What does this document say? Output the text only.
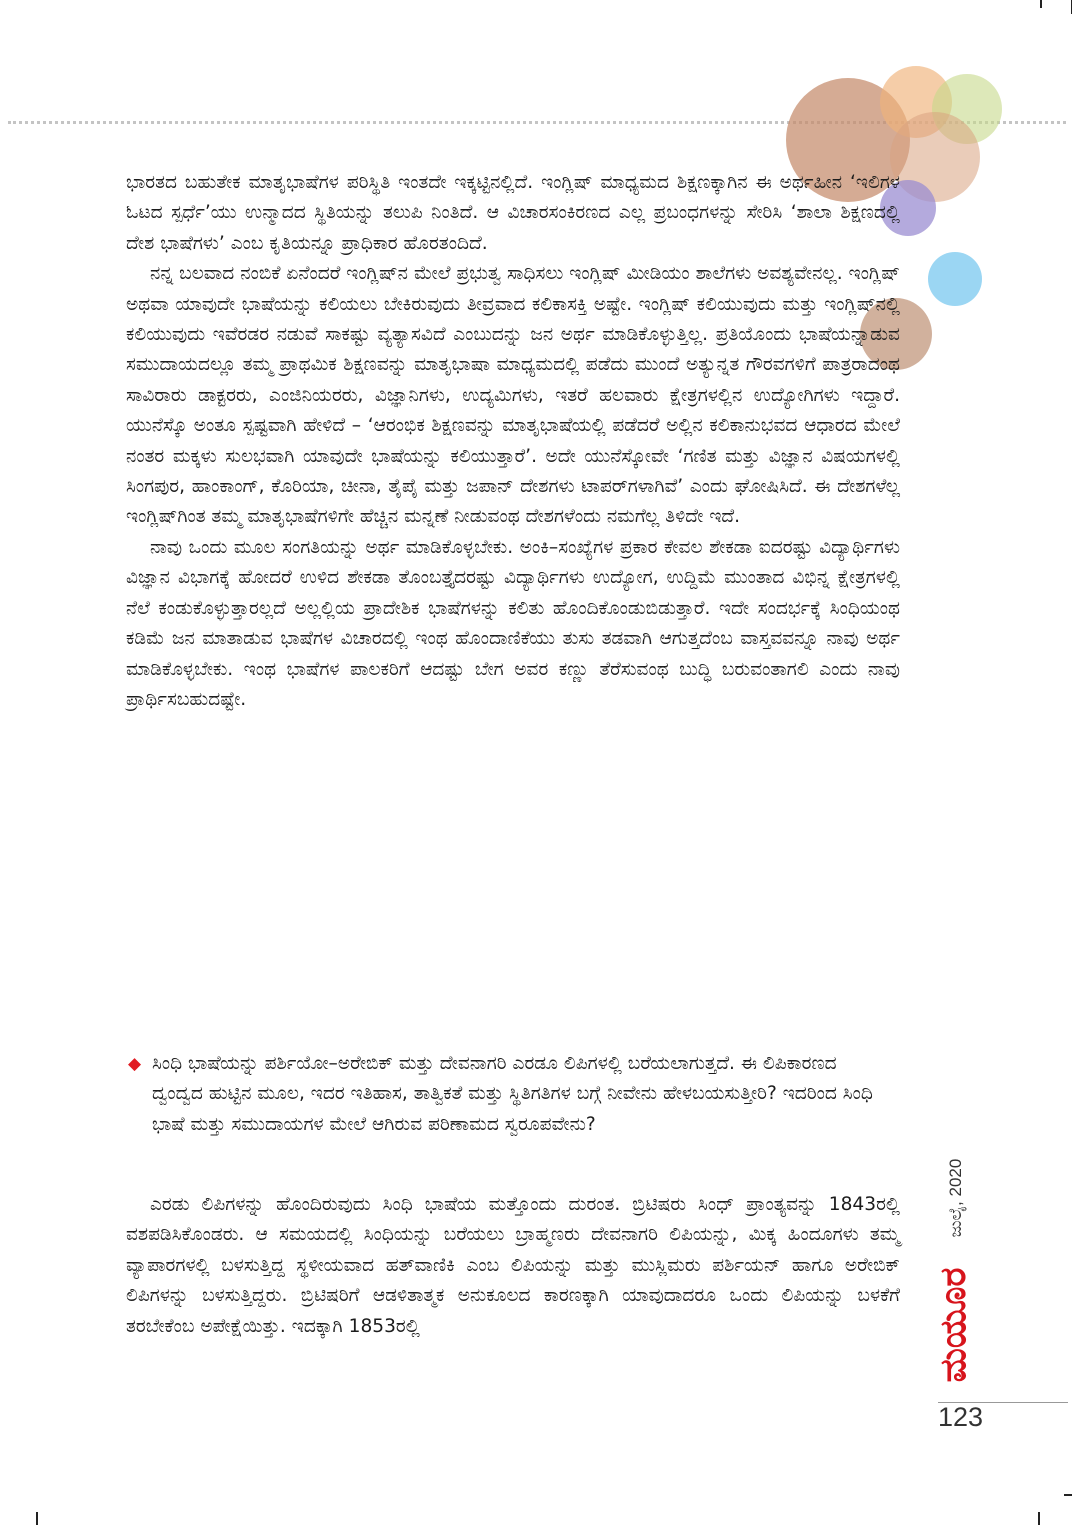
ಭಾರತದ ಬಹುತೇಕ ಮಾತೃಭಾಷೆಗಳ ಪರಿಸ್ಥಿತಿ ಇಂತದೇ ಇಕ್ಕಟ್ಟಿನಲ್ಲಿದೆ. ಇಂಗ್ಲಿಷ್ ಮಾಧ್ಯಮದ ಶಿಕ್ಷಣಕ್ಕಾಗಿನ ಈ ಅರ್ಥಹೀನ ‘ಇಲಿಗಳ ಓಟದ ಸ್ಪರ್ಧೆ’ಯು ಉನ್ಮಾದದ ಸ್ಥಿತಿಯನ್ನು ತಲುಪಿ ನಿಂತಿದೆ. ಆ ವಿಚಾರಸಂಕಿರಣದ ಎಲ್ಲ ಪ್ರಬಂಧಗಳನ್ನು ಸೇರಿಸಿ ‘ಶಾಲಾ ಶಿಕ್ಷಣದಲ್ಲಿ ದೇಶ ಭಾಷೆಗಳು’ ಎಂಬ ಕೃತಿಯನ್ನೂ ಪ್ರಾಧಿಕಾರ ಹೊರತಂದಿದೆ.

ನನ್ನ ಬಲವಾದ ನಂಬಿಕೆ ಏನೆಂದರೆ ಇಂಗ್ಲಿಷ್‌ನ ಮೇಲೆ ಪ್ರಭುತ್ವ ಸಾಧಿಸಲು ಇಂಗ್ಲಿಷ್ ಮೀಡಿಯಂ ಶಾಲೆಗಳು ಅವಶ್ಯವೇನಲ್ಲ. ಇಂಗ್ಲಿಷ್ ಅಥವಾ ಯಾವುದೇ ಭಾಷೆಯನ್ನು ಕಲಿಯಲು ಬೇಕಿರುವುದು ತೀವ್ರವಾದ ಕಲಿಕಾಸಕ್ತಿ ಅಷ್ಟೇ. ಇಂಗ್ಲಿಷ್ ಕಲಿಯುವುದು ಮತ್ತು ಇಂಗ್ಲಿಷ್‌ನಲ್ಲಿ ಕಲಿಯುವುದು ಇವೆರಡರ ನಡುವೆ ಸಾಕಷ್ಟು ವ್ಯತ್ಯಾಸವಿದೆ ಎಂಬುದನ್ನು ಜನ ಅರ್ಥ ಮಾಡಿಕೊಳ್ಳುತ್ತಿಲ್ಲ. ಪ್ರತಿಯೊಂದು ಭಾಷೆಯನ್ನಾಡುವ ಸಮುದಾಯದಲ್ಲೂ ತಮ್ಮ ಪ್ರಾಥಮಿಕ ಶಿಕ್ಷಣವನ್ನು ಮಾತೃಭಾಷಾ ಮಾಧ್ಯಮದಲ್ಲಿ ಪಡೆದು ಮುಂದೆ ಅತ್ಯುನ್ನತ ಗೌರವಗಳಿಗೆ ಪಾತ್ರರಾದಂಥ ಸಾವಿರಾರು ಡಾಕ್ಟರರು, ಎಂಜಿನಿಯರರು, ವಿಜ್ಞಾನಿಗಳು, ಉದ್ಯಮಿಗಳು, ಇತರೆ ಹಲವಾರು ಕ್ಷೇತ್ರಗಳಲ್ಲಿನ ಉದ್ಯೋಗಿಗಳು ಇದ್ದಾರೆ. ಯುನೆಸ್ಕೊ ಅಂತೂ ಸ್ಪಷ್ಟವಾಗಿ ಹೇಳಿದೆ – ‘ಆರಂಭಿಕ ಶಿಕ್ಷಣವನ್ನು ಮಾತೃಭಾಷೆಯಲ್ಲಿ ಪಡೆದರೆ ಅಲ್ಲಿನ ಕಲಿಕಾನುಭವದ ಆಧಾರದ ಮೇಲೆ ನಂತರ ಮಕ್ಕಳು ಸುಲಭವಾಗಿ ಯಾವುದೇ ಭಾಷೆಯನ್ನು ಕಲಿಯುತ್ತಾರೆ’. ಅದೇ ಯುನೆಸ್ಕೋವೇ ‘ಗಣಿತ ಮತ್ತು ವಿಜ್ಞಾನ ವಿಷಯಗಳಲ್ಲಿ ಸಿಂಗಪುರ, ಹಾಂಕಾಂಗ್, ಕೊರಿಯಾ, ಚೀನಾ, ತೈಪೈ ಮತ್ತು ಜಪಾನ್ ದೇಶಗಳು ಟಾಪರ್‌ಗಳಾಗಿವೆ’ ಎಂದು ಘೋಷಿಸಿದೆ. ಈ ದೇಶಗಳೆಲ್ಲ ಇಂಗ್ಲಿಷ್‌ಗಿಂತ ತಮ್ಮ ಮಾತೃಭಾಷೆಗಳಿಗೇ ಹೆಚ್ಚಿನ ಮನ್ನಣೆ ನೀಡುವಂಥ ದೇಶಗಳೆಂದು ನಮಗೆಲ್ಲ ತಿಳಿದೇ ಇದೆ.

ನಾವು ಒಂದು ಮೂಲ ಸಂಗತಿಯನ್ನು ಅರ್ಥ ಮಾಡಿಕೊಳ್ಳಬೇಕು. ಅಂಕಿ–ಸಂಖ್ಯೆಗಳ ಪ್ರಕಾರ ಕೇವಲ ಶೇಕಡಾ ಐದರಷ್ಟು ವಿದ್ಯಾರ್ಥಿಗಳು ವಿಜ್ಞಾನ ವಿಭಾಗಕ್ಕೆ ಹೋದರೆ ಉಳಿದ ಶೇಕಡಾ ತೊಂಬತ್ತೈದರಷ್ಟು ವಿದ್ಯಾರ್ಥಿಗಳು ಉದ್ಯೋಗ, ಉದ್ದಿಮೆ ಮುಂತಾದ ವಿಭಿನ್ನ ಕ್ಷೇತ್ರಗಳಲ್ಲಿ ನೆಲೆ ಕಂಡುಕೊಳ್ಳುತ್ತಾರಲ್ಲದೆ ಅಲ್ಲಲ್ಲಿಯ ಪ್ರಾದೇಶಿಕ ಭಾಷೆಗಳನ್ನು ಕಲಿತು ಹೊಂದಿಕೊಂಡುಬಿಡುತ್ತಾರೆ. ಇದೇ ಸಂದರ್ಭಕ್ಕೆ ಸಿಂಧಿಯಂಥ ಕಡಿಮೆ ಜನ ಮಾತಾಡುವ ಭಾಷೆಗಳ ವಿಚಾರದಲ್ಲಿ ಇಂಥ ಹೊಂದಾಣಿಕೆಯು ತುಸು ತಡವಾಗಿ ಆಗುತ್ತದೆಂಬ ವಾಸ್ತವವನ್ನೂ ನಾವು ಅರ್ಥ ಮಾಡಿಕೊಳ್ಳಬೇಕು. ಇಂಥ ಭಾಷೆಗಳ ಪಾಲಕರಿಗೆ ಆದಷ್ಟು ಬೇಗ ಅವರ ಕಣ್ಣು ತೆರೆಸುವಂಥ ಬುದ್ಧಿ ಬರುವಂತಾಗಲಿ ಎಂದು ನಾವು ಪ್ರಾರ್ಥಿಸಬಹುದಷ್ಟೇ.

◆ ಸಿಂಧಿ ಭಾಷೆಯನ್ನು ಪರ್ಶಿಯೋ–ಅರೇಬಿಕ್ ಮತ್ತು ದೇವನಾಗರಿ ಎರಡೂ ಲಿಪಿಗಳಲ್ಲಿ ಬರೆಯಲಾಗುತ್ತದೆ. ಈ ಲಿಪಿಕಾರಣದ ದ್ವಂದ್ವದ ಹುಟ್ಟಿನ ಮೂಲ, ಇದರ ಇತಿಹಾಸ, ತಾತ್ವಿಕತೆ ಮತ್ತು ಸ್ಥಿತಿಗತಿಗಳ ಬಗ್ಗೆ ನೀವೇನು ಹೇಳಬಯಸುತ್ತೀರಿ? ಇದರಿಂದ ಸಿಂಧಿ ಭಾಷೆ ಮತ್ತು ಸಮುದಾಯಗಳ ಮೇಲೆ ಆಗಿರುವ ಪರಿಣಾಮದ ಸ್ವರೂಪವೇನು?

ಎರಡು ಲಿಪಿಗಳನ್ನು ಹೊಂದಿರುವುದು ಸಿಂಧಿ ಭಾಷೆಯ ಮತ್ತೊಂದು ದುರಂತ. ಬ್ರಿಟಿಷರು ಸಿಂಧ್ ಪ್ರಾಂತ್ಯವನ್ನು 1843ರಲ್ಲಿ ವಶಪಡಿಸಿಕೊಂಡರು. ಆ ಸಮಯದಲ್ಲಿ ಸಿಂಧಿಯನ್ನು ಬರೆಯಲು ಬ್ರಾಹ್ಮಣರು ದೇವನಾಗರಿ ಲಿಪಿಯನ್ನು, ಮಿಕ್ಕ ಹಿಂದೂಗಳು ತಮ್ಮ ವ್ಯಾಪಾರಗಳಲ್ಲಿ ಬಳಸುತ್ತಿದ್ದ ಸ್ಥಳೀಯವಾದ ಹತ್‌ವಾಣಿಕಿ ಎಂಬ ಲಿಪಿಯನ್ನು ಮತ್ತು ಮುಸ್ಲಿಮರು ಪರ್ಶಿಯನ್ ಹಾಗೂ ಅರೇಬಿಕ್ ಲಿಪಿಗಳನ್ನು ಬಳಸುತ್ತಿದ್ದರು. ಬ್ರಿಟಿಷರಿಗೆ ಆಡಳಿತಾತ್ಮಕ ಅನುಕೂಲದ ಕಾರಣಕ್ಕಾಗಿ ಯಾವುದಾದರೂ ಒಂದು ಲಿಪಿಯನ್ನು ಬಳಕೆಗೆ ತರಬೇಕೆಂಬ ಅಪೇಕ್ಷೆಯಿತ್ತು. ಇದಕ್ಕಾಗಿ 1853ರಲ್ಲಿ

ಜುಲೈ, 2020
ಮಯೂರ
123
